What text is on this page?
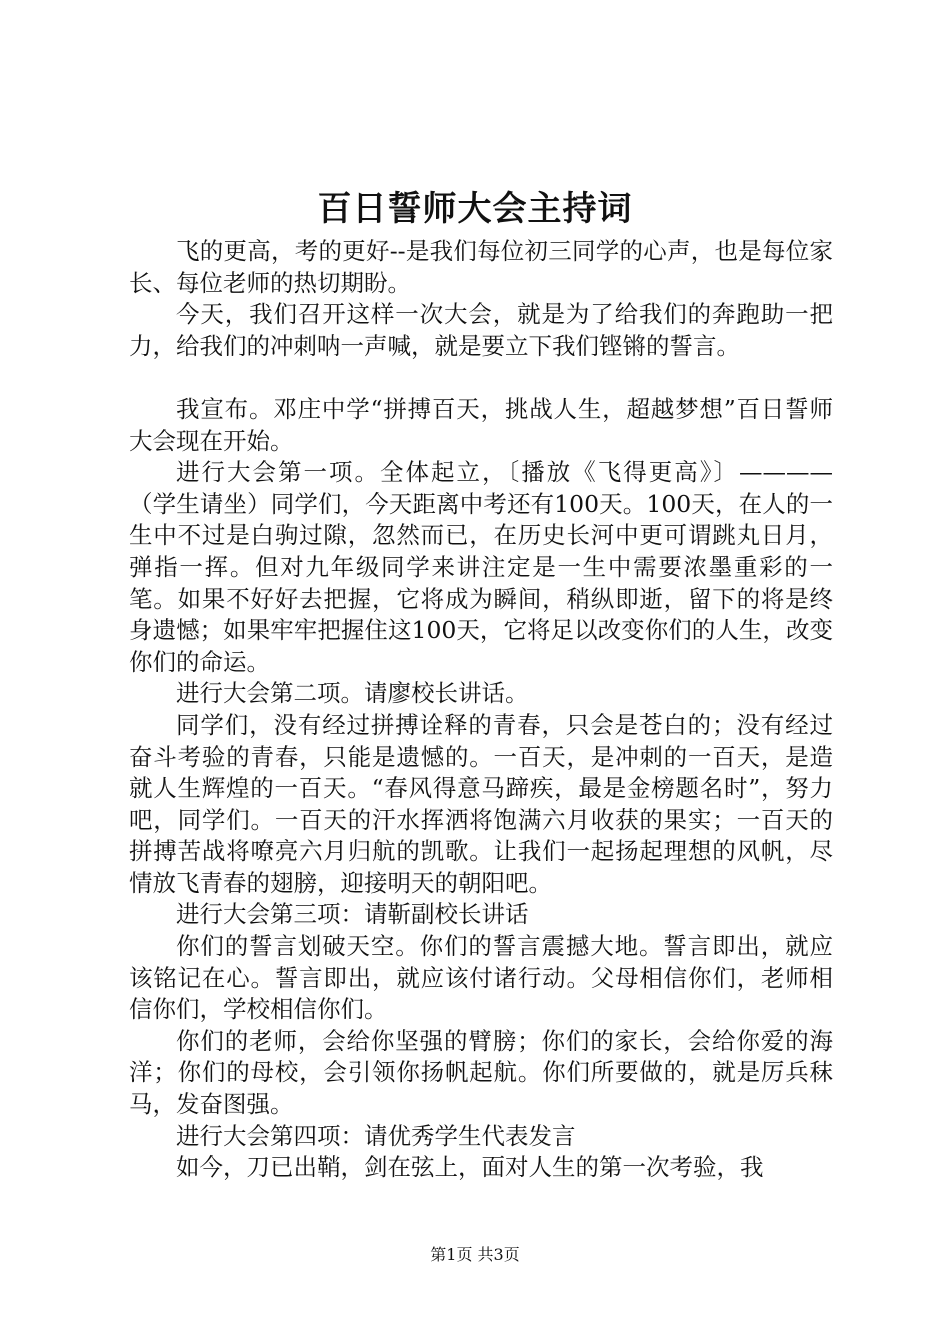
百日誓师大会主持词

飞的更高，考的更好--是我们每位初三同学的心声，也是每位家长、每位老师的热切期盼。

今天，我们召开这样一次大会，就是为了给我们的奔跑助一把力，给我们的冲刺呐一声喊，就是要立下我们铿锵的誓言。

我宣布。邓庄中学“拼搏百天，挑战人生，超越梦想”百日誓师大会现在开始。

进行大会第一项。全体起立，〔播放《飞得更高》〕————（学生请坐）同学们，今天距离中考还有100天。100天，在人的一生中不过是白驹过隙，忽然而已，在历史长河中更可谓跳丸日月，弹指一挥。但对九年级同学来讲注定是一生中需要浓墨重彩的一笔。如果不好好去把握，它将成为瞬间，稍纵即逝，留下的将是终身遗憾；如果牢牢把握住这100天，它将足以改变你们的人生，改变你们的命运。

进行大会第二项。请廖校长讲话。

同学们，没有经过拼搏诠释的青春，只会是苍白的；没有经过奋斗考验的青春，只能是遗憾的。一百天，是冲刺的一百天，是造就人生辉煌的一百天。“春风得意马蹄疾，最是金榜题名时”，努力吧，同学们。一百天的汗水挥洒将饱满六月收获的果实；一百天的拼搏苦战将嘹亮六月归航的凯歌。让我们一起扬起理想的风帆，尽情放飞青春的翅膀，迎接明天的朝阳吧。

进行大会第三项：请靳副校长讲话

你们的誓言划破天空。你们的誓言震撼大地。誓言即出，就应该铭记在心。誓言即出，就应该付诸行动。父母相信你们，老师相信你们，学校相信你们。

你们的老师，会给你坚强的臂膀；你们的家长，会给你爱的海洋；你们的母校，会引领你扬帆起航。你们所要做的，就是厉兵秣马，发奋图强。

进行大会第四项：请优秀学生代表发言

如今，刀已出鞘，剑在弦上，面对人生的第一次考验，我

第1页 共3页
